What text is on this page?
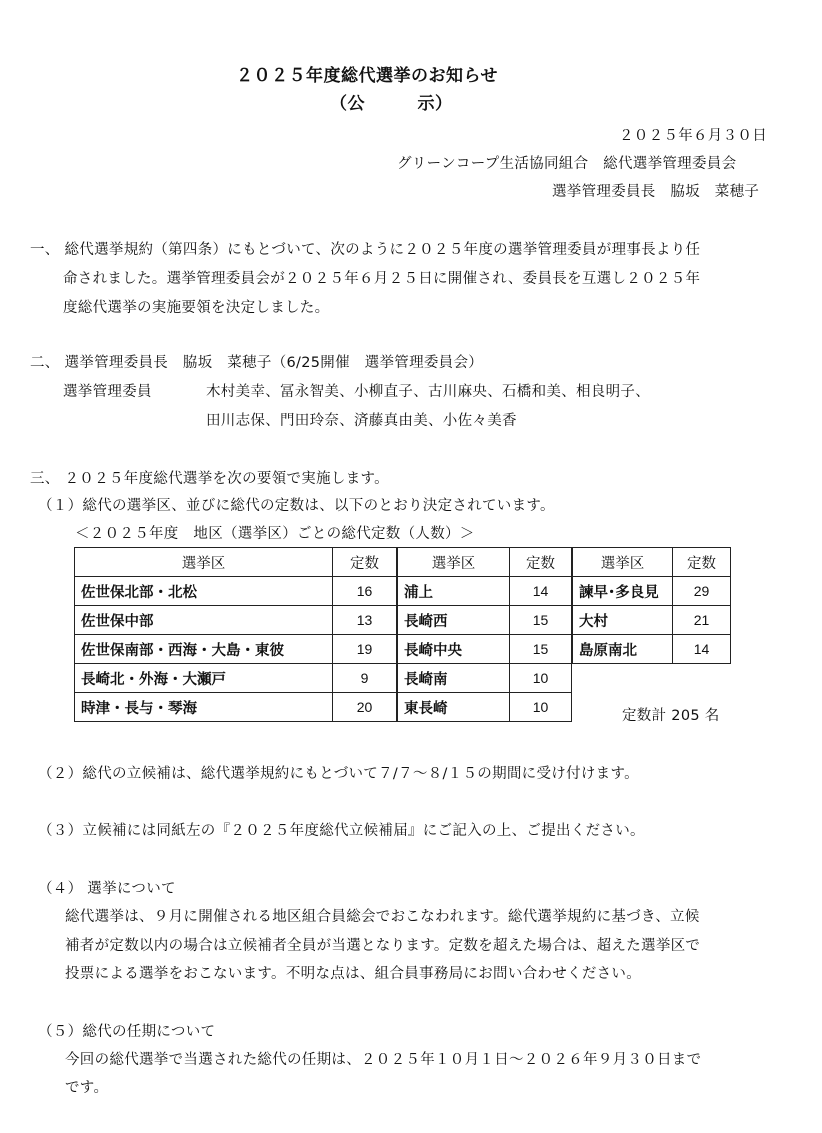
２０２５年度総代選挙のお知らせ
（公　　　示）
２０２５年６月３０日
グリーンコープ生活協同組合　総代選挙管理委員会
選挙管理委員長　脇坂　菜穂子
一、 総代選挙規約（第四条）にもとづいて、次のように２０２５年度の選挙管理委員が理事長より任
命されました。選挙管理委員会が２０２５年６月２５日に開催され、委員長を互選し２０２５年
度総代選挙の実施要領を決定しました。
二、 選挙管理委員長　脇坂　菜穂子（6/25開催　選挙管理委員会）
選挙管理委員	木村美幸、冨永智美、小柳直子、古川麻央、石橋和美、相良明子、
田川志保、門田玲奈、済藤真由美、小佐々美香
三、 ２０２５年度総代選挙を次の要領で実施します。
（１）総代の選挙区、並びに総代の定数は、以下のとおり決定されています。
＜２０２５年度　地区（選挙区）ごとの総代定数（人数）＞
選挙区	定数
佐世保北部・北松	16
佐世保中部	13
佐世保南部・西海・大島・東彼	19
長崎北・外海・大瀬戸	9
時津・長与・琴海	20
選挙区	定数
浦上	14
長崎西	15
長崎中央	15
長崎南	10
東長崎	10
選挙区	定数
諫早･多良見	29
大村	21
島原南北	14
定数計 205 名
（２）総代の立候補は、総代選挙規約にもとづいて７/７～８/１５の期間に受け付けます。
（３）立候補には同紙左の『２０２５年度総代立候補届』にご記入の上、ご提出ください。
（４） 選挙について
総代選挙は、９月に開催される地区組合員総会でおこなわれます。総代選挙規約に基づき、立候
補者が定数以内の場合は立候補者全員が当選となります。定数を超えた場合は、超えた選挙区で
投票による選挙をおこないます。不明な点は、組合員事務局にお問い合わせください。
（５）総代の任期について
今回の総代選挙で当選された総代の任期は、２０２５年１０月１日～２０２６年９月３０日まで
です。
